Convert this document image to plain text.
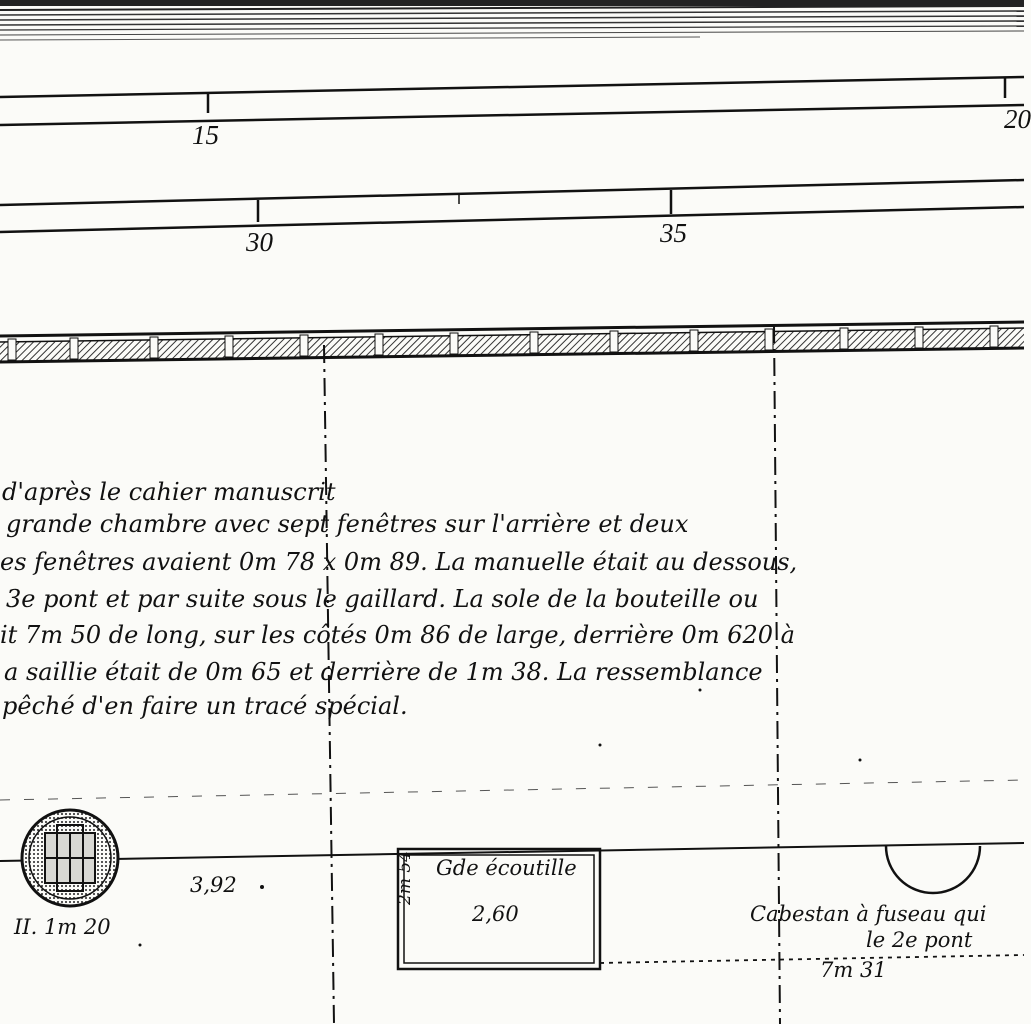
15
20
30	35
d'après le cahier manuscrit
grande chambre avec sept fenêtres sur l'arrière et deux
es fenêtres avaient 0m 78 x 0m 89. La manuelle était au dessous,
3e pont et par suite sous le gaillard. La sole de la bouteille ou
it 7m 50 de long, sur les côtés 0m 86 de large, derrière 0m 620 à
a saillie était de 0m 65 et derrière de 1m 38. La ressemblance
pêché d'en faire un tracé spécial.
II. 1m 20
3,92
Gde écoutille
2m 54
2,60	Cabestan à fuseau qui
le 2e pont
7m 31
